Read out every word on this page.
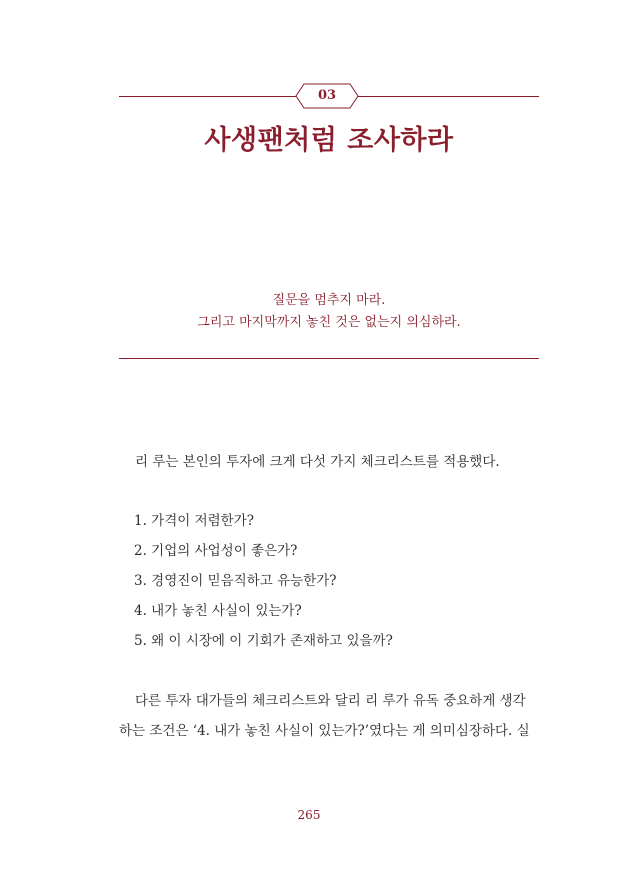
03
사생팬처럼 조사하라
질문을 멈추지 마라.
그리고 마지막까지 놓친 것은 없는지 의심하라.
리 루는 본인의 투자에 크게 다섯 가지 체크리스트를 적용했다.
1. 가격이 저렴한가?
2. 기업의 사업성이 좋은가?
3. 경영진이 믿음직하고 유능한가?
4. 내가 놓친 사실이 있는가?
5. 왜 이 시장에 이 기회가 존재하고 있을까?
다른 투자 대가들의 체크리스트와 달리 리 루가 유독 중요하게 생각
하는 조건은 ‘4. 내가 놓친 사실이 있는가?’였다는 게 의미심장하다. 실
265
